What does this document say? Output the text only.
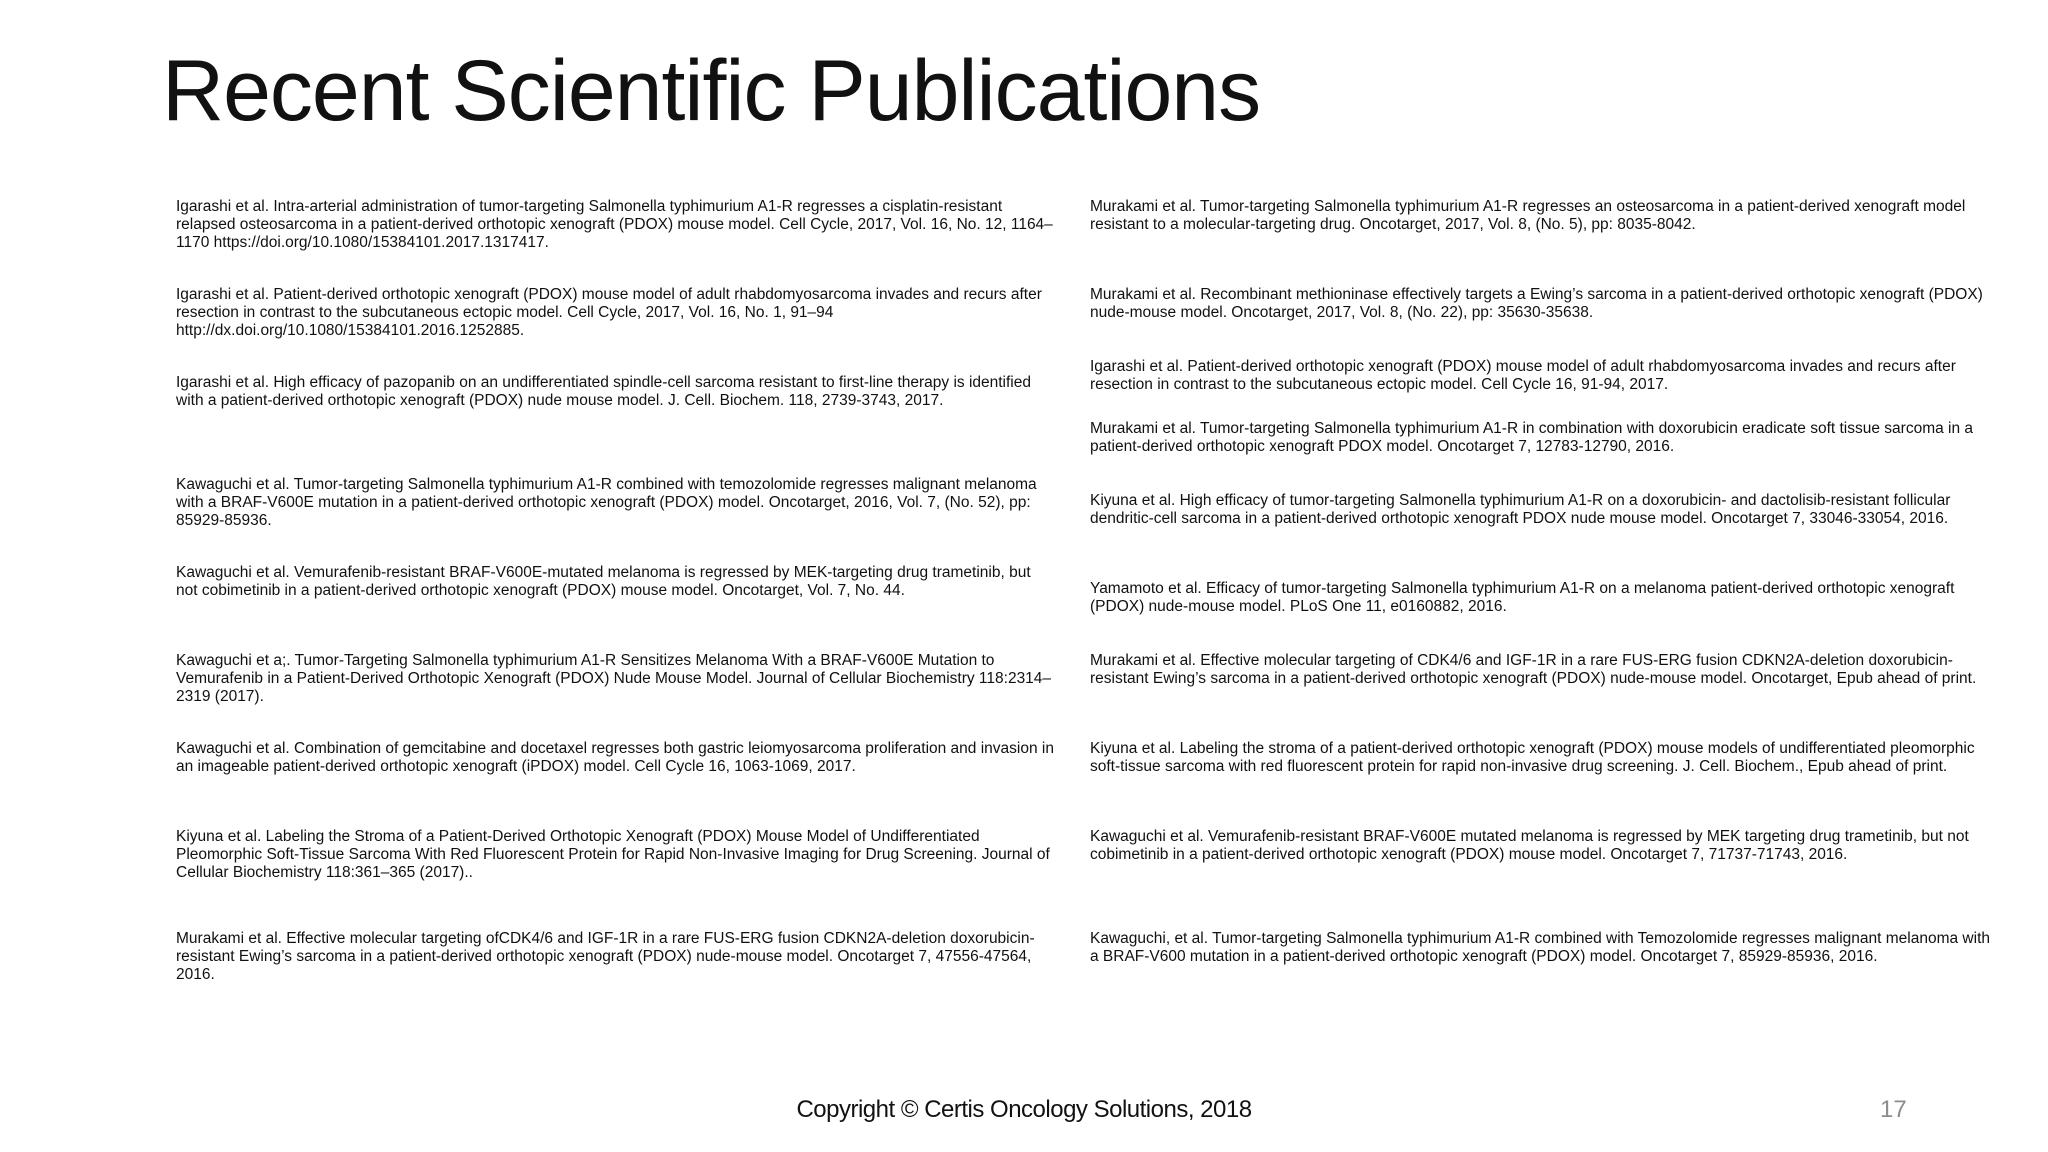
Recent Scientific Publications
Igarashi et al. Intra-arterial administration of tumor-targeting Salmonella typhimurium A1-R regresses a cisplatin-resistant relapsed osteosarcoma in a patient-derived orthotopic xenograft (PDOX) mouse model. Cell Cycle, 2017, Vol. 16, No. 12, 1164–1170 https://doi.org/10.1080/15384101.2017.1317417.
Igarashi et al. Patient-derived orthotopic xenograft (PDOX) mouse model of adult rhabdomyosarcoma invades and recurs after resection in contrast to the subcutaneous ectopic model. Cell Cycle, 2017, Vol. 16, No. 1, 91–94 http://dx.doi.org/10.1080/15384101.2016.1252885.
Igarashi et al. High efficacy of pazopanib on an undifferentiated spindle-cell sarcoma resistant to first-line therapy is identified with a patient-derived orthotopic xenograft (PDOX) nude mouse model. J. Cell. Biochem. 118, 2739-3743, 2017.
Kawaguchi et al. Tumor-targeting Salmonella typhimurium A1-R combined with temozolomide regresses malignant melanoma with a BRAF-V600E mutation in a patient-derived orthotopic xenograft (PDOX) model. Oncotarget, 2016, Vol. 7, (No. 52), pp: 85929-85936.
Kawaguchi et al. Vemurafenib-resistant BRAF-V600E-mutated melanoma is regressed by MEK-targeting drug trametinib, but not cobimetinib in a patient-derived orthotopic xenograft (PDOX) mouse model. Oncotarget, Vol. 7, No. 44.
Kawaguchi et a;. Tumor-Targeting Salmonella typhimurium A1-R Sensitizes Melanoma With a BRAF-V600E Mutation to Vemurafenib in a Patient-Derived Orthotopic Xenograft (PDOX) Nude Mouse Model. Journal of Cellular Biochemistry 118:2314–2319 (2017).
Kawaguchi et al. Combination of gemcitabine and docetaxel regresses both gastric leiomyosarcoma proliferation and invasion in an imageable patient-derived orthotopic xenograft (iPDOX) model. Cell Cycle 16, 1063-1069, 2017.
Kiyuna et al. Labeling the Stroma of a Patient-Derived Orthotopic Xenograft (PDOX) Mouse Model of Undifferentiated Pleomorphic Soft-Tissue Sarcoma With Red Fluorescent Protein for Rapid Non-Invasive Imaging for Drug Screening. Journal of Cellular Biochemistry 118:361–365 (2017)..
Murakami et al. Effective molecular targeting ofCDK4/6 and IGF-1R in a rare FUS-ERG fusion CDKN2A-deletion doxorubicin-resistant Ewing’s sarcoma in a patient-derived orthotopic xenograft (PDOX) nude-mouse model. Oncotarget 7, 47556-47564, 2016.
Murakami et al. Tumor-targeting Salmonella typhimurium A1-R regresses an osteosarcoma in a patient-derived xenograft model resistant to a molecular-targeting drug. Oncotarget, 2017, Vol. 8, (No. 5), pp: 8035-8042.
Murakami et al. Recombinant methioninase effectively targets a Ewing’s sarcoma in a patient-derived orthotopic xenograft (PDOX) nude-mouse model. Oncotarget, 2017, Vol. 8, (No. 22), pp: 35630-35638.
Igarashi et al. Patient-derived orthotopic xenograft (PDOX) mouse model of adult rhabdomyosarcoma invades and recurs after resection in contrast to the subcutaneous ectopic model. Cell Cycle 16, 91-94, 2017.
Murakami et al. Tumor-targeting Salmonella typhimurium A1-R in combination with doxorubicin eradicate soft tissue sarcoma in a patient-derived orthotopic xenograft PDOX model. Oncotarget 7, 12783-12790, 2016.
Kiyuna et al. High efficacy of tumor-targeting Salmonella typhimurium A1-R on a doxorubicin- and dactolisib-resistant follicular dendritic-cell sarcoma in a patient-derived orthotopic xenograft PDOX nude mouse model. Oncotarget 7, 33046-33054, 2016.
Yamamoto et al. Efficacy of tumor-targeting Salmonella typhimurium A1-R on a melanoma patient-derived orthotopic xenograft (PDOX) nude-mouse model. PLoS One 11, e0160882, 2016.
Murakami et al. Effective molecular targeting of CDK4/6 and IGF-1R in a rare FUS-ERG fusion CDKN2A-deletion doxorubicin-resistant Ewing’s sarcoma in a patient-derived orthotopic xenograft (PDOX) nude-mouse model. Oncotarget, Epub ahead of print.
Kiyuna et al. Labeling the stroma of a patient-derived orthotopic xenograft (PDOX) mouse models of undifferentiated pleomorphic soft-tissue sarcoma with red fluorescent protein for rapid non-invasive drug screening. J. Cell. Biochem., Epub ahead of print.
Kawaguchi et al. Vemurafenib-resistant BRAF-V600E mutated melanoma is regressed by MEK targeting drug trametinib, but not cobimetinib in a patient-derived orthotopic xenograft (PDOX) mouse model. Oncotarget 7, 71737-71743, 2016.
Kawaguchi, et al. Tumor-targeting Salmonella typhimurium A1-R combined with Temozolomide regresses malignant melanoma with a BRAF-V600 mutation in a patient-derived orthotopic xenograft (PDOX) model. Oncotarget 7, 85929-85936, 2016.
Copyright © Certis Oncology Solutions, 2018	17
